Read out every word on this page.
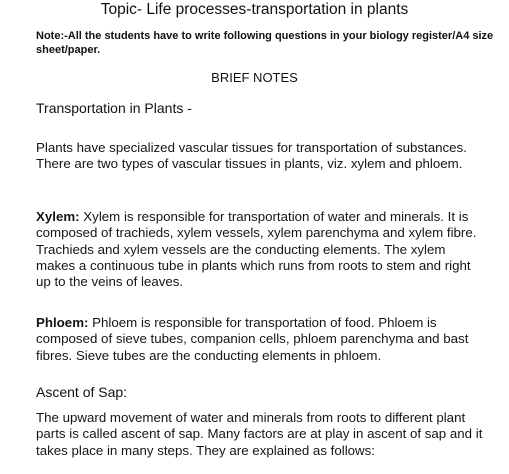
Topic- Life processes-transportation in plants
Note:-All the students have to write following questions in your biology register/A4 size sheet/paper.
BRIEF NOTES
Transportation in Plants -
Plants have specialized vascular tissues for transportation of substances. There are two types of vascular tissues in plants, viz. xylem and phloem.
Xylem: Xylem is responsible for transportation of water and minerals. It is composed of trachieds, xylem vessels, xylem parenchyma and xylem fibre. Trachieds and xylem vessels are the conducting elements. The xylem makes a continuous tube in plants which runs from roots to stem and right up to the veins of leaves.
Phloem: Phloem is responsible for transportation of food. Phloem is composed of sieve tubes, companion cells, phloem parenchyma and bast fibres. Sieve tubes are the conducting elements in phloem.
Ascent of Sap:
The upward movement of water and minerals from roots to different plant parts is called ascent of sap. Many factors are at play in ascent of sap and it takes place in many steps. They are explained as follows:
